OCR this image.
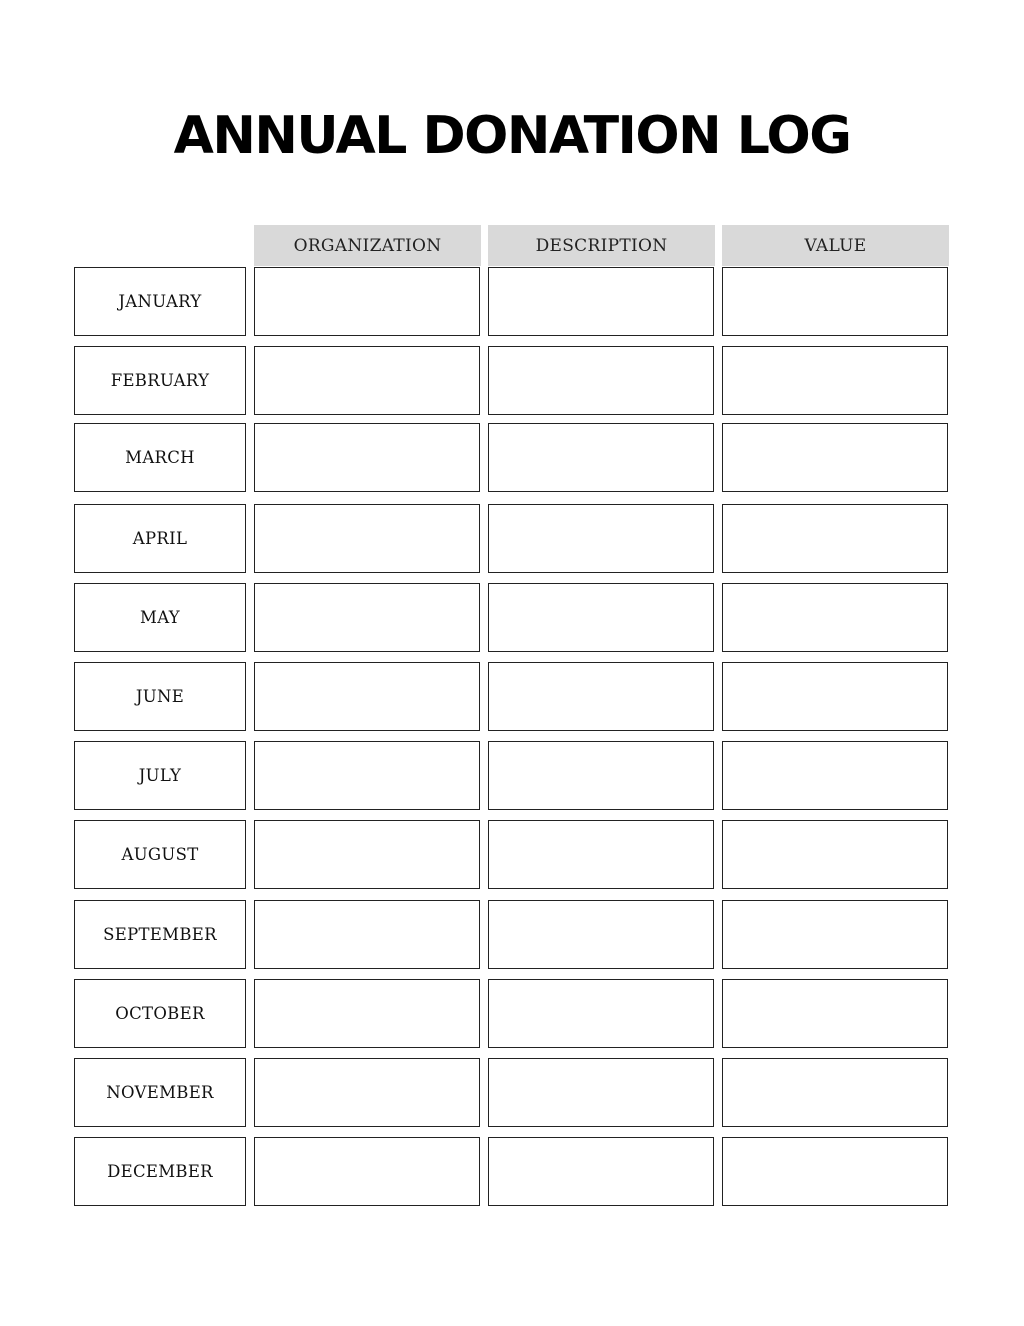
ANNUAL DONATION LOG
ORGANIZATION	DESCRIPTION	VALUE
JANUARY
FEBRUARY
MARCH
APRIL
MAY
JUNE
JULY
AUGUST
SEPTEMBER
OCTOBER
NOVEMBER
DECEMBER
